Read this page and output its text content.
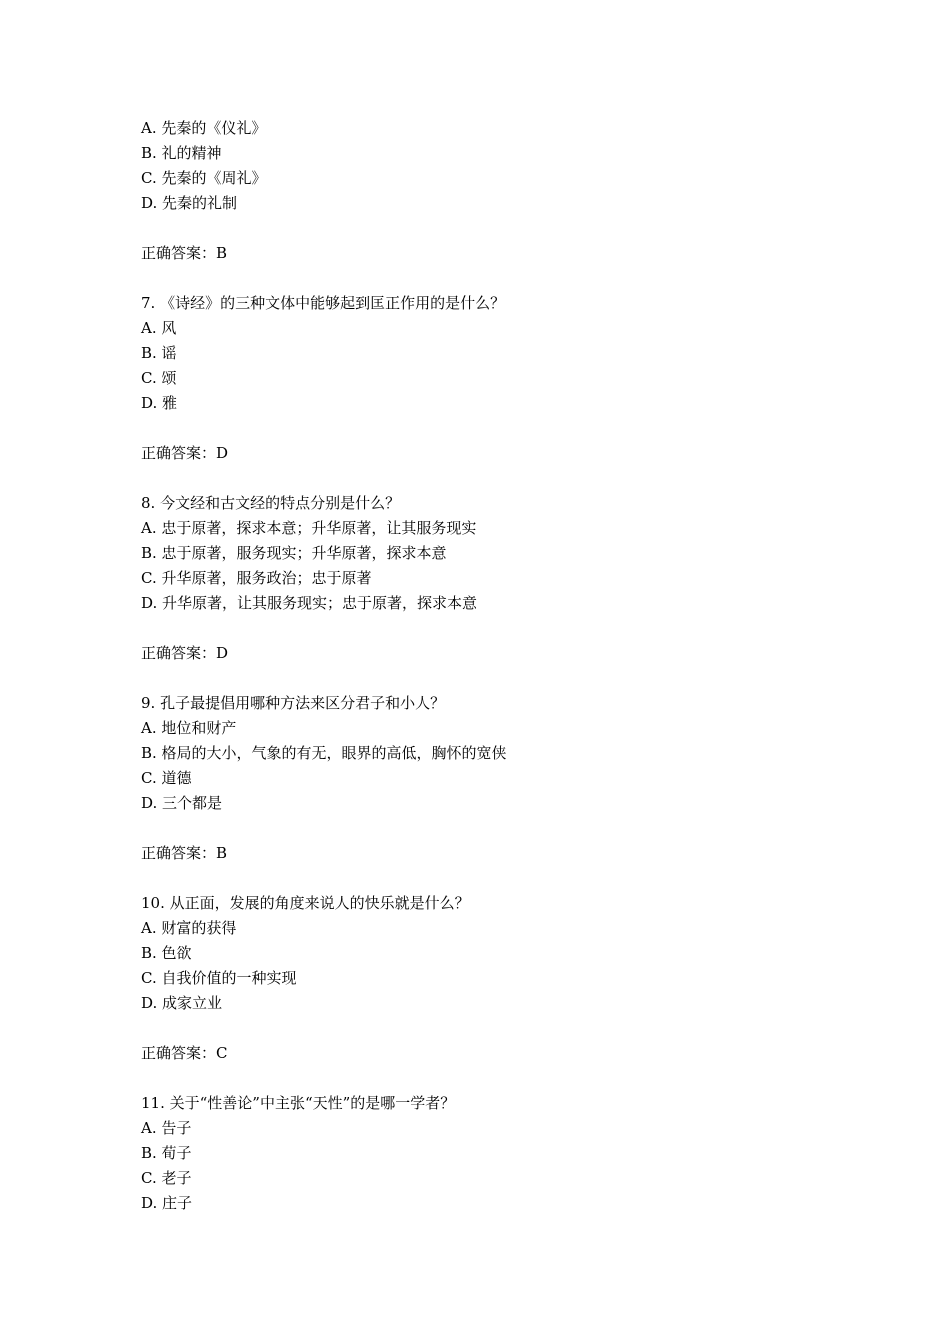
A. 先秦的《仪礼》
B. 礼的精神
C. 先秦的《周礼》
D. 先秦的礼制
正确答案：B
7. 《诗经》的三种文体中能够起到匡正作用的是什么？
A. 风
B. 谣
C. 颂
D. 雅
正确答案：D
8. 今文经和古文经的特点分别是什么？
A. 忠于原著，探求本意；升华原著，让其服务现实
B. 忠于原著，服务现实；升华原著，探求本意
C. 升华原著，服务政治；忠于原著
D. 升华原著，让其服务现实；忠于原著，探求本意
正确答案：D
9. 孔子最提倡用哪种方法来区分君子和小人？
A. 地位和财产
B. 格局的大小，气象的有无，眼界的高低，胸怀的宽侠
C. 道德
D. 三个都是
正确答案：B
10. 从正面，发展的角度来说人的快乐就是什么？
A. 财富的获得
B. 色欲
C. 自我价值的一种实现
D. 成家立业
正确答案：C
11. 关于“性善论”中主张“天性”的是哪一学者？
A. 告子
B. 荀子
C. 老子
D. 庄子
